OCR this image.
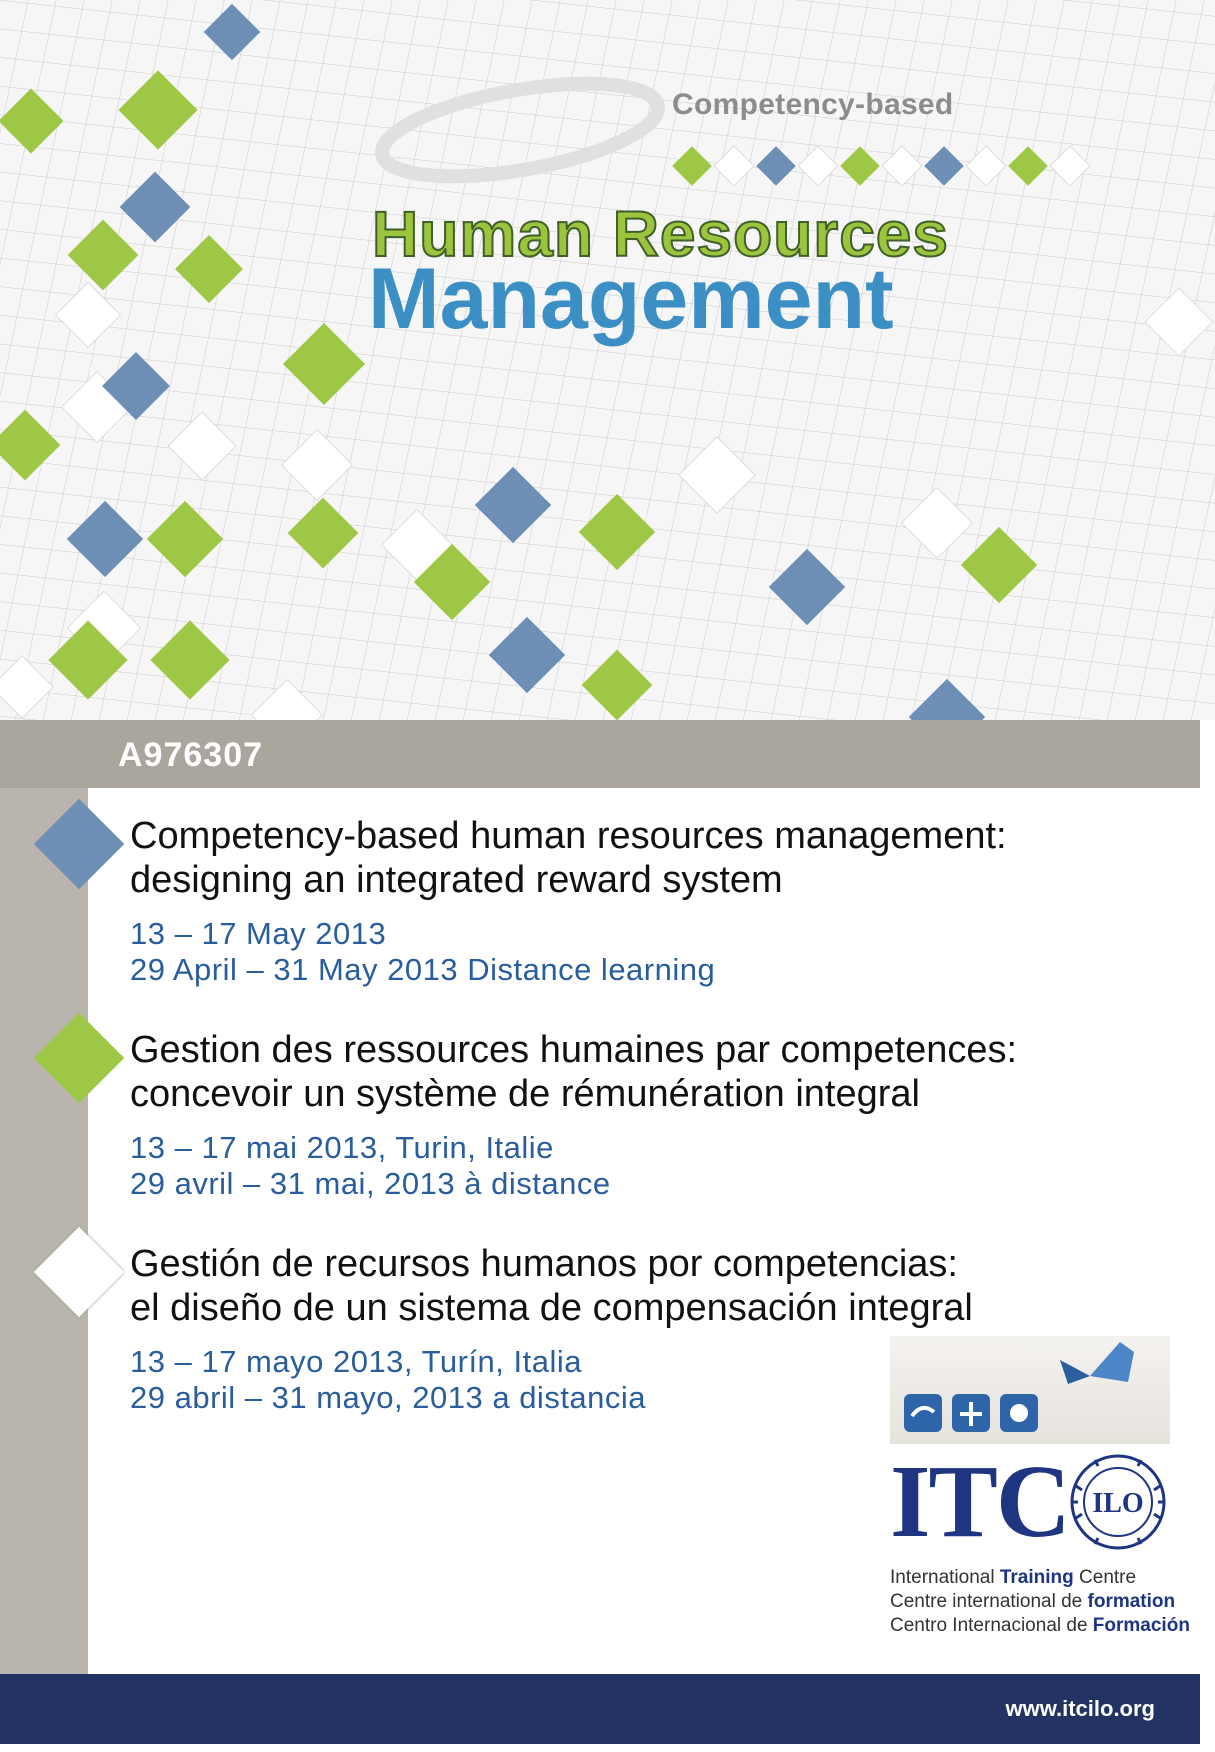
Competency-based
Human Resources
Management
A976307
Competency-based human resources management:
designing an integrated reward system
13 – 17 May 2013
29 April – 31 May 2013 Distance learning
Gestion des ressources humaines par competences:
concevoir un système de rémunération integral
13 – 17 mai 2013, Turin, Italie
29 avril – 31 mai, 2013 à distance
Gestión de recursos humanos por competencias:
el diseño de un sistema de compensación integral
13 – 17 mayo 2013, Turín, Italia
29 abril – 31 mayo, 2013 a distancia
ITC ILO
International Training Centre
Centre international de formation
Centro Internacional de Formación
www.itcilo.org
